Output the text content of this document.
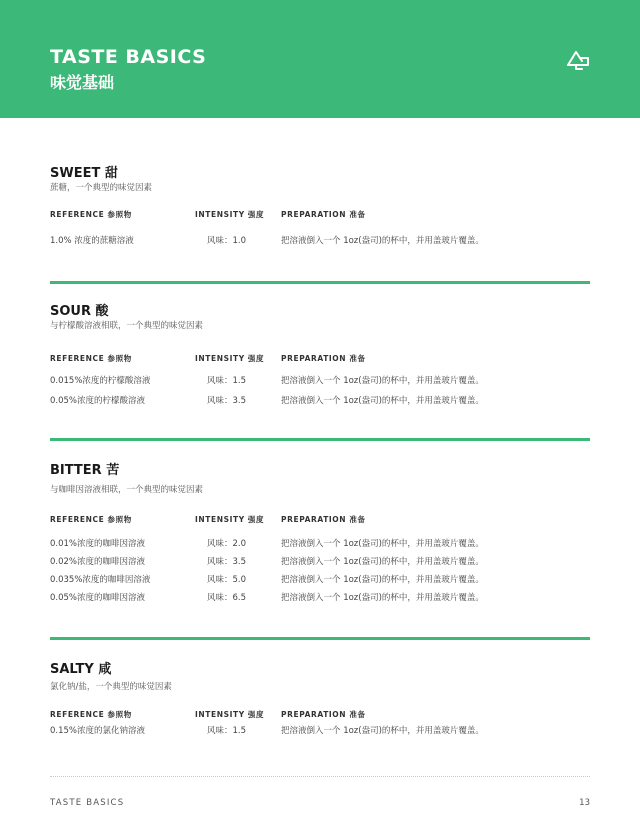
TASTE BASICS
味觉基础
SWEET 甜
蔗糖，一个典型的味觉因素
REFERENCE 参照物	INTENSITY 强度 PREPARATION 准备
1.0% 浓度的蔗糖溶液	风味：1.0	把溶液倒入一个 1oz(盎司)的杯中，并用盖玻片覆盖。
SOUR 酸
与柠檬酸溶液相联，一个典型的味觉因素
REFERENCE 参照物	INTENSITY 强度 PREPARATION 准备
0.015%浓度的柠檬酸溶液	风味：1.5	把溶液倒入一个 1oz(盎司)的杯中，并用盖玻片覆盖。
0.05%浓度的柠檬酸溶液	风味：3.5	把溶液倒入一个 1oz(盎司)的杯中，并用盖玻片覆盖。
BITTER 苦
与咖啡因溶液相联，一个典型的味觉因素
REFERENCE 参照物	INTENSITY 强度 PREPARATION 准备
0.01%浓度的咖啡因溶液	风味：2.0	把溶液倒入一个 1oz(盎司)的杯中，并用盖玻片覆盖。
0.02%浓度的咖啡因溶液	风味：3.5	把溶液倒入一个 1oz(盎司)的杯中，并用盖玻片覆盖。
0.035%浓度的咖啡因溶液	风味：5.0	把溶液倒入一个 1oz(盎司)的杯中，并用盖玻片覆盖。
0.05%浓度的咖啡因溶液	风味：6.5	把溶液倒入一个 1oz(盎司)的杯中，并用盖玻片覆盖。
SALTY 咸
氯化钠/盐，一个典型的味觉因素
REFERENCE 参照物	INTENSITY 强度 PREPARATION 准备
0.15%浓度的氯化钠溶液	风味：1.5	把溶液倒入一个 1oz(盎司)的杯中，并用盖玻片覆盖。
TASTE BASICS	13
